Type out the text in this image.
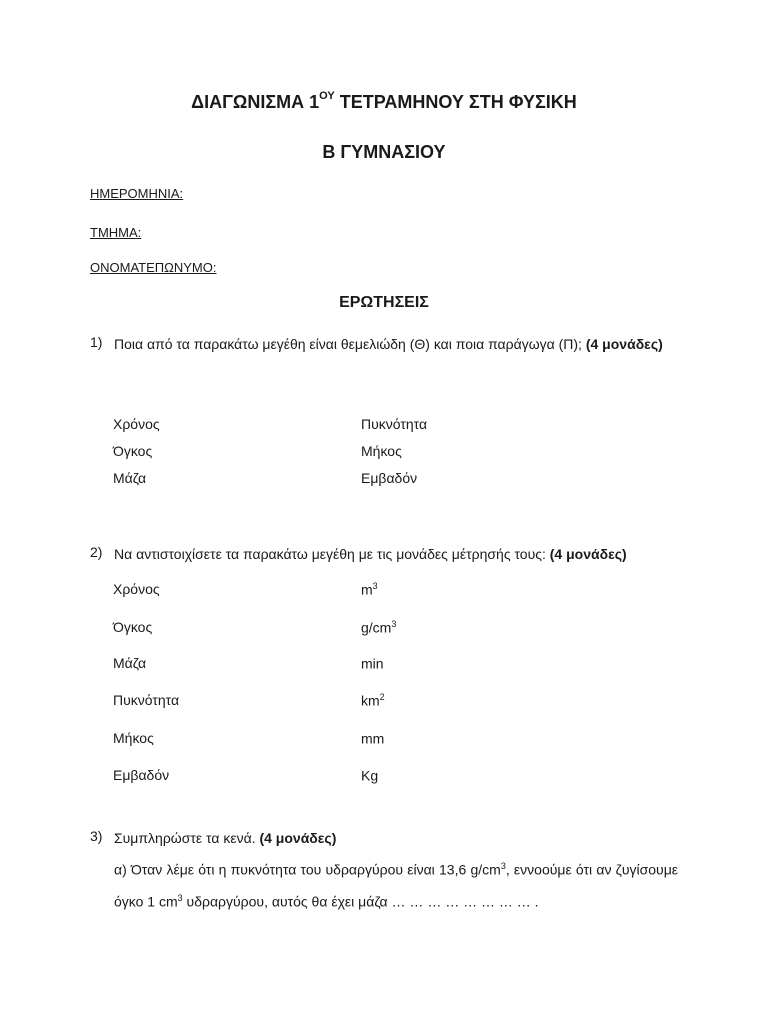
ΔΙΑΓΩΝΙΣΜΑ $1^{O\Upsilon}$ ΤΕΤΡΑΜΗΝΟΥ ΣΤΗ ΦΥΣΙΚΗ
Β ΓΥΜΝΑΣΙΟΥ
ΗΜΕΡΟΜΗΝΙΑ:
ΤΜΗΜΑ:
ΟΝΟΜΑΤΕΠΩΝΥΜΟ:
ΕΡΩΤΗΣΕΙΣ
1) Ποια από τα παρακάτω μεγέθη είναι θεμελιώδη (Θ) και ποια παράγωγα (Π); (4 μονάδες)
Χρόνος	Πυκνότητα
Όγκος	Μήκος
Μάζα	Εμβαδόν
2) Να αντιστοιχίσετε τα παρακάτω μεγέθη με τις μονάδες μέτρησής τους: (4 μονάδες)
Χρόνος	$m^3$
Όγκος	$g/cm^3$
Μάζα	min
Πυκνότητα	$km^2$
Μήκος	mm
Εμβαδόν	Kg
3) Συμπληρώστε τα κενά. (4 μονάδες)
α) Όταν λέμε ότι η πυκνότητα του υδραργύρου είναι 13,6 $g/cm^3$, εννοούμε ότι αν ζυγίσουμε όγκο 1 $cm^3$ υδραργύρου, αυτός θα έχει μάζα … … … … … … … … .
